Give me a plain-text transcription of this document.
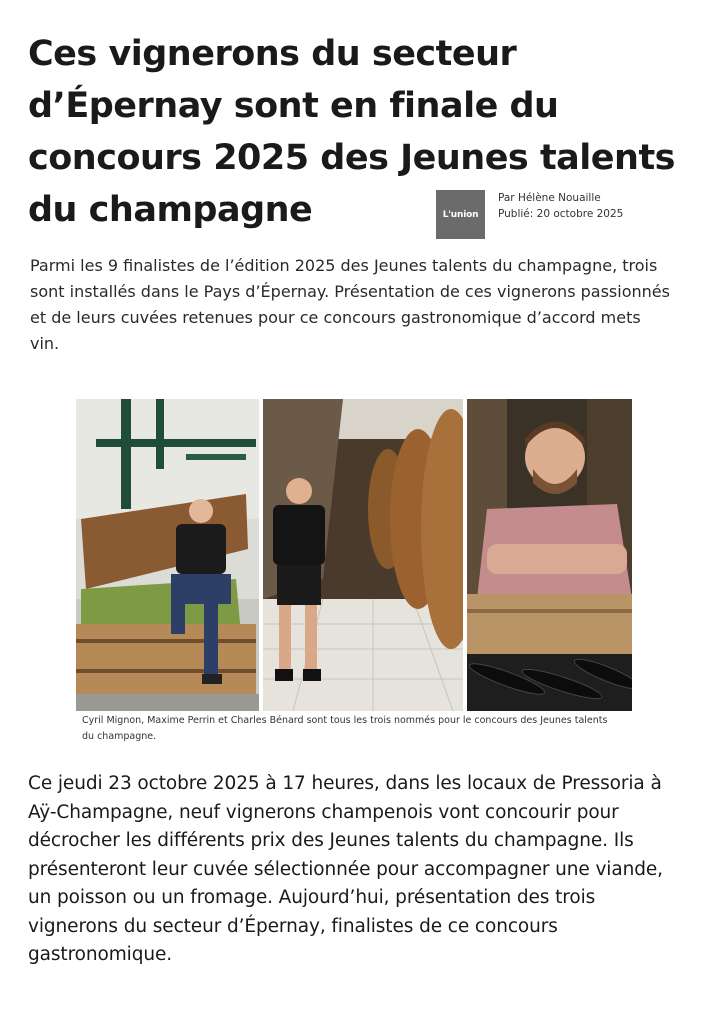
Ces vignerons du secteur d’Épernay sont en finale du concours 2025 des Jeunes talents du champagne	L'union
Par Hélène Nouaille
Publié: 20 octobre 2025

Parmi les 9 finalistes de l’édition 2025 des Jeunes talents du champagne, trois sont installés dans le Pays d’Épernay. Présentation de ces vignerons passionnés et de leurs cuvées retenues pour ce concours gastronomique d’accord mets vin.

Cyril Mignon, Maxime Perrin et Charles Bénard sont tous les trois nommés pour le concours des Jeunes talents du champagne.

Ce jeudi 23 octobre 2025 à 17 heures, dans les locaux de Pressoria à Aÿ-Champagne, neuf vignerons champenois vont concourir pour décrocher les différents prix des Jeunes talents du champagne. Ils présenteront leur cuvée sélectionnée pour accompagner une viande, un poisson ou un fromage. Aujourd’hui, présentation des trois vignerons du secteur d’Épernay, finalistes de ce concours gastronomique.
